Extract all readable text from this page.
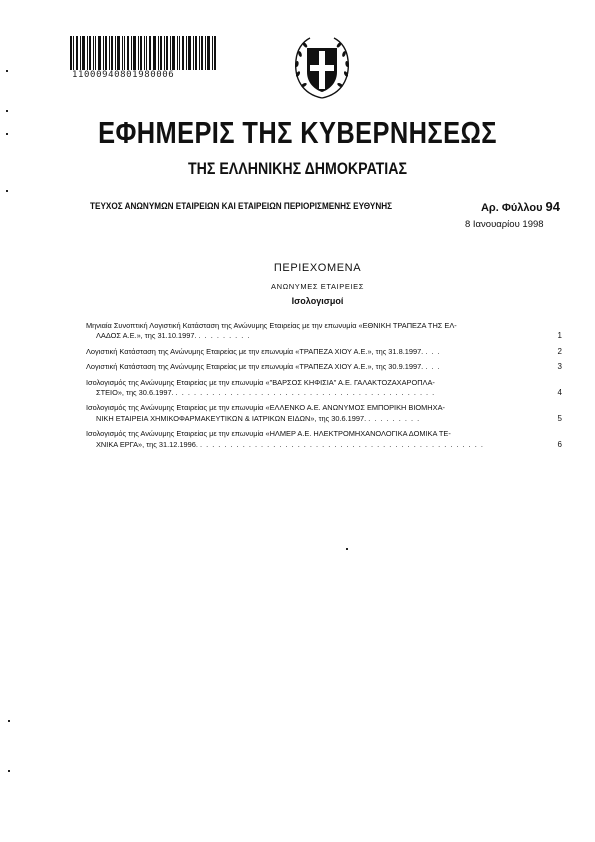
11000940801980006
ΕΦΗΜΕΡΙΣ ΤΗΣ ΚΥΒΕΡΝΗΣΕΩΣ
ΤΗΣ ΕΛΛΗΝΙΚΗΣ ΔΗΜΟΚΡΑΤΙΑΣ
ΤΕΥΧΟΣ ΑΝΩΝΥΜΩΝ ΕΤΑΙΡΕΙΩΝ ΚΑΙ ΕΤΑΙΡΕΙΩΝ ΠΕΡΙΟΡΙΣΜΕΝΗΣ ΕΥΘΥΝΗΣ	Αρ. Φύλλου 94
8 Ιανουαρίου 1998
ΠΕΡΙΕΧΟΜΕΝΑ
ΑΝΩΝΥΜΕΣ ΕΤΑΙΡΕΙΕΣ
Ισολογισμοί
Μηνιαία Συνοπτική Λογιστική Κατάσταση της Ανώνυμης Εταιρείας με την επωνυμία «ΕΘΝΙΚΗ ΤΡΑΠΕΖΑ ΤΗΣ ΕΛ-
ΛΑΔΟΣ Α.Ε.», της 31.10.1997. . . . . . . . . .	1
Λογιστική Κατάσταση της Ανώνυμης Εταιρείας με την επωνυμία «ΤΡΑΠΕΖΑ ΧΙΟΥ Α.Ε.», της 31.8.1997. . . .	2
Λογιστική Κατάσταση της Ανώνυμης Εταιρείας με την επωνυμία «ΤΡΑΠΕΖΑ ΧΙΟΥ Α.Ε.», της 30.9.1997. . . .	3
Ισολογισμός της Ανώνυμης Εταιρείας με την επωνυμία «"ΒΑΡΣΟΣ ΚΗΦΙΣΙΑ" Α.Ε. ΓΑΛΑΚΤΟΖΑΧΑΡΟΠΛΑ-
ΣΤΕΙΟ», της 30.6.1997. . . . . . . . . . . . . . . . . . . . . . . . . . . . . . . . . . . . . . . . . . . .	4
Ισολογισμός της Ανώνυμης Εταιρείας με την επωνυμία «ΕΛΛΕΝΚΟ Α.Ε. ΑΝΩΝΥΜΟΣ ΕΜΠΟΡΙΚΗ ΒΙΟΜΗΧΑ-
ΝΙΚΗ ΕΤΑΙΡΕΙΑ ΧΗΜΙΚΟΦΑΡΜΑΚΕΥΤΙΚΩΝ & ΙΑΤΡΙΚΩΝ ΕΙΔΩΝ», της 30.6.1997. . . . . . . . . .	5
Ισολογισμός της Ανώνυμης Εταιρείας με την επωνυμία «ΗΛΜΕΡ Α.Ε. ΗΛΕΚΤΡΟΜΗΧΑΝΟΛΟΓΙΚΑ ΔΟΜΙΚΑ ΤΕ-
ΧΝΙΚΑ ΕΡΓΑ», της 31.12.1996. . . . . . . . . . . . . . . . . . . . . . . . . . . . . . . . . . . . . . . . . . . . . . . .	6
